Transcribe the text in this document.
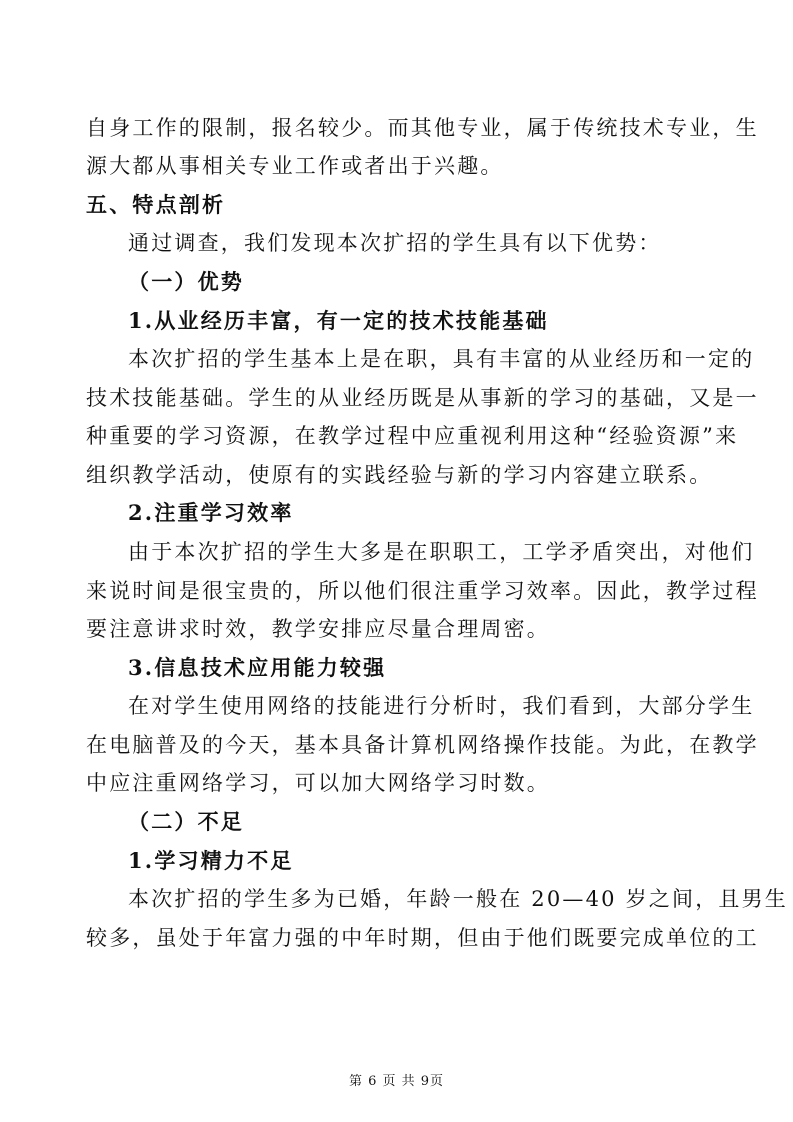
自身工作的限制，报名较少。而其他专业，属于传统技术专业，生
源大都从事相关专业工作或者出于兴趣。
五、特点剖析
通过调查，我们发现本次扩招的学生具有以下优势：
（一）优势
1.从业经历丰富，有一定的技术技能基础
本次扩招的学生基本上是在职，具有丰富的从业经历和一定的
技术技能基础。学生的从业经历既是从事新的学习的基础，又是一
种重要的学习资源，在教学过程中应重视利用这种“经验资源”来
组织教学活动，使原有的实践经验与新的学习内容建立联系。
2.注重学习效率
由于本次扩招的学生大多是在职职工，工学矛盾突出，对他们
来说时间是很宝贵的，所以他们很注重学习效率。因此，教学过程
要注意讲求时效，教学安排应尽量合理周密。
3.信息技术应用能力较强
在对学生使用网络的技能进行分析时，我们看到，大部分学生
在电脑普及的今天，基本具备计算机网络操作技能。为此，在教学
中应注重网络学习，可以加大网络学习时数。
（二）不足
1.学习精力不足
本次扩招的学生多为已婚，年龄一般在 20—40 岁之间，且男生
较多，虽处于年富力强的中年时期，但由于他们既要完成单位的工
第 6 页 共 9页
